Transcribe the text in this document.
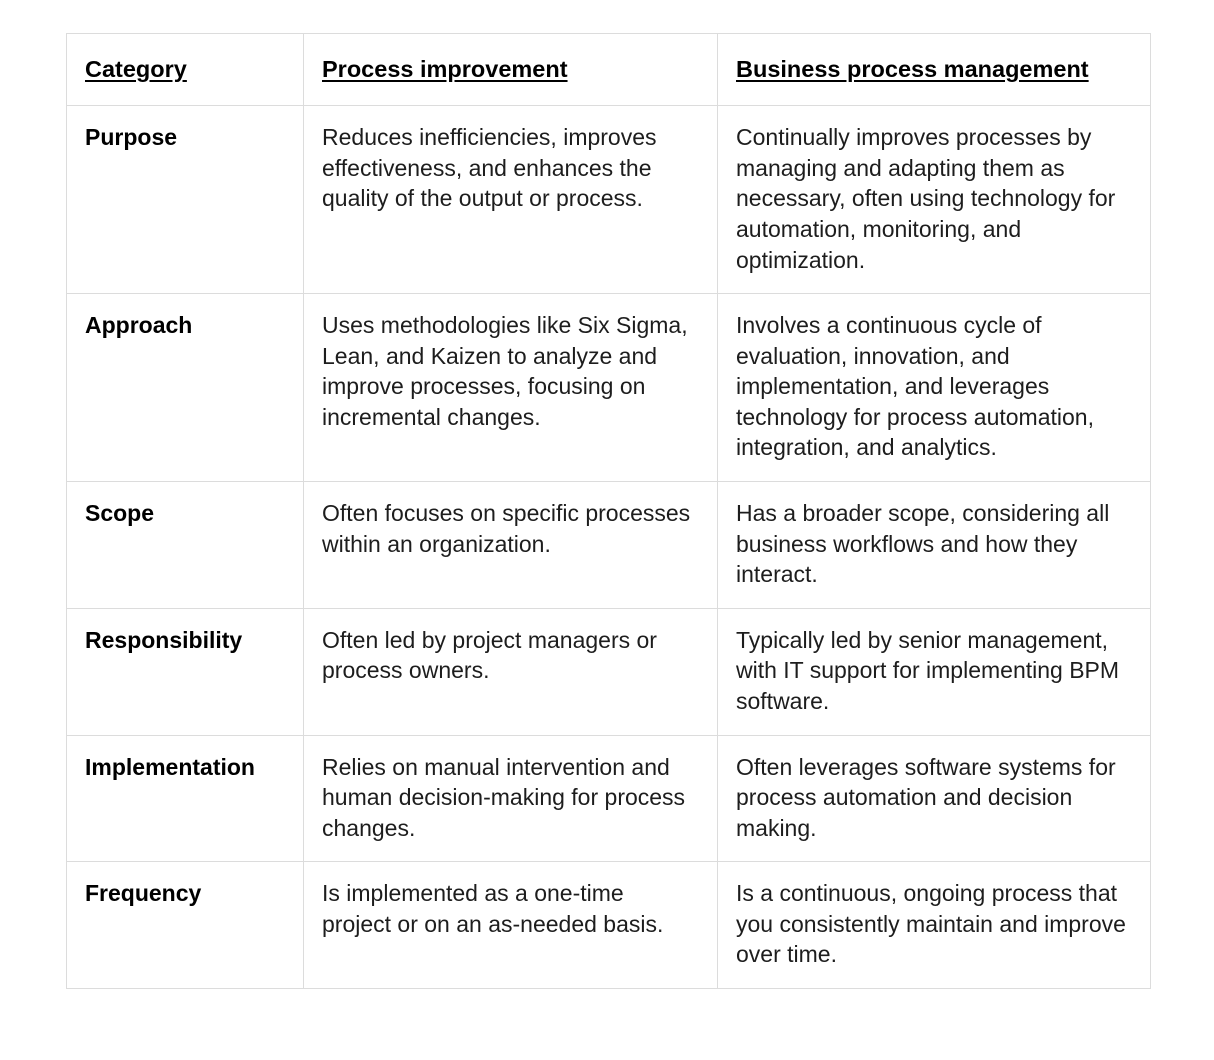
Category	Process improvement	Business process management
Purpose	Reduces inefficiencies, improves effectiveness, and enhances the quality of the output or process.	Continually improves processes by managing and adapting them as necessary, often using technology for automation, monitoring, and optimization.
Approach	Uses methodologies like Six Sigma, Lean, and Kaizen to analyze and improve processes, focusing on incremental changes.	Involves a continuous cycle of evaluation, innovation, and implementation, and leverages technology for process automation, integration, and analytics.
Scope	Often focuses on specific processes within an organization.	Has a broader scope, considering all business workflows and how they interact.
Responsibility	Often led by project managers or process owners.	Typically led by senior management, with IT support for implementing BPM software.
Implementation	Relies on manual intervention and human decision-making for process changes.	Often leverages software systems for process automation and decision making.
Frequency	Is implemented as a one-time project or on an as-needed basis.	Is a continuous, ongoing process that you consistently maintain and improve over time.
